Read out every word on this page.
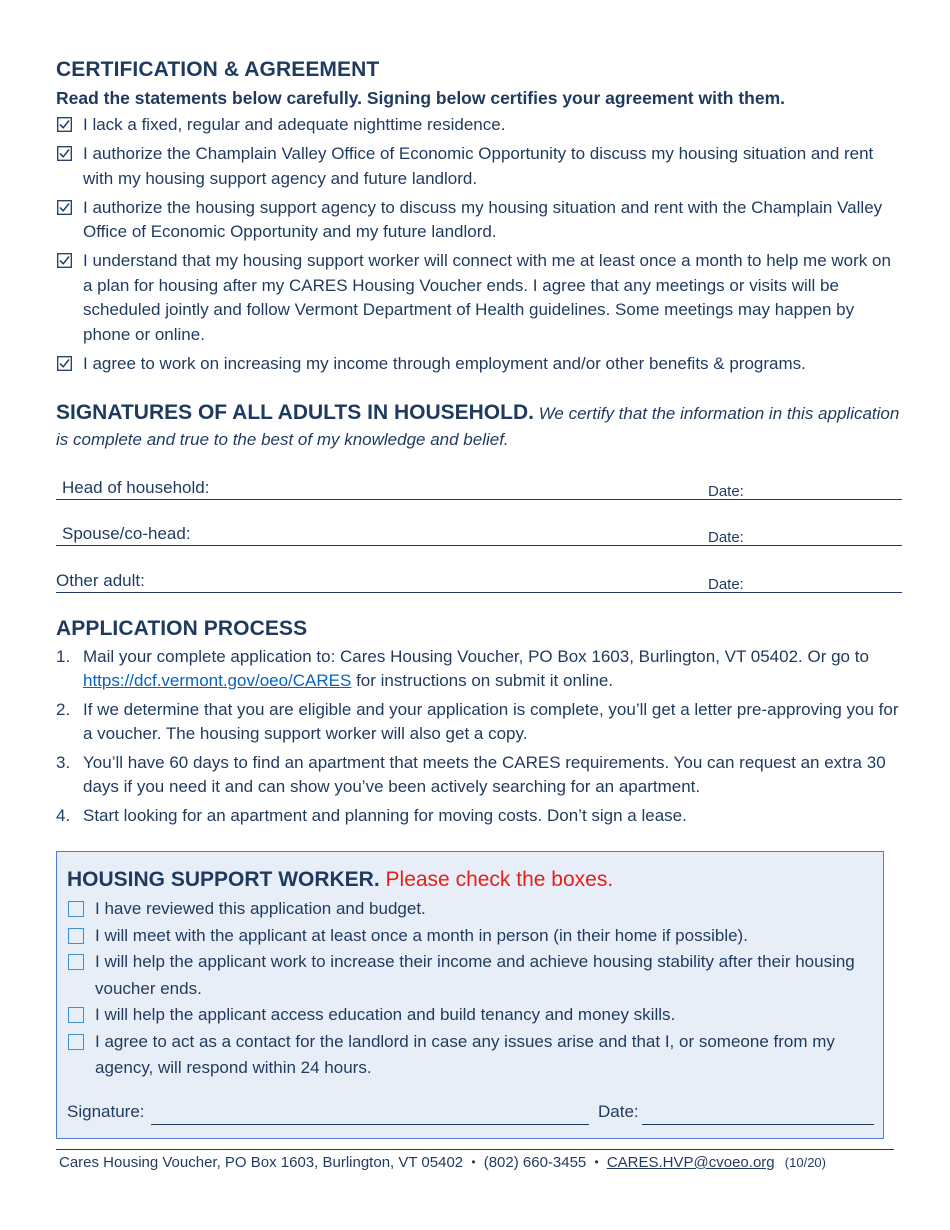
CERTIFICATION & AGREEMENT
Read the statements below carefully. Signing below certifies your agreement with them.
I lack a fixed, regular and adequate nighttime residence.
I authorize the Champlain Valley Office of Economic Opportunity to discuss my housing situation and rent with my housing support agency and future landlord.
I authorize the housing support agency to discuss my housing situation and rent with the Champlain Valley Office of Economic Opportunity and my future landlord.
I understand that my housing support worker will connect with me at least once a month to help me work on a plan for housing after my CARES Housing Voucher ends. I agree that any meetings or visits will be scheduled jointly and follow Vermont Department of Health guidelines. Some meetings may happen by phone or online.
I agree to work on increasing my income through employment and/or other benefits & programs.
SIGNATURES OF ALL ADULTS IN HOUSEHOLD. We certify that the information in this application is complete and true to the best of my knowledge and belief.
Head of household:	Date:
Spouse/co-head:	Date:
Other adult:	Date:
APPLICATION PROCESS
1. Mail your complete application to: Cares Housing Voucher, PO Box 1603, Burlington, VT 05402. Or go to https://dcf.vermont.gov/oeo/CARES for instructions on submit it online.
2. If we determine that you are eligible and your application is complete, you’ll get a letter pre-approving you for a voucher. The housing support worker will also get a copy.
3. You’ll have 60 days to find an apartment that meets the CARES requirements. You can request an extra 30 days if you need it and can show you’ve been actively searching for an apartment.
4. Start looking for an apartment and planning for moving costs. Don’t sign a lease.
HOUSING SUPPORT WORKER. Please check the boxes.
I have reviewed this application and budget.
I will meet with the applicant at least once a month in person (in their home if possible).
I will help the applicant work to increase their income and achieve housing stability after their housing voucher ends.
I will help the applicant access education and build tenancy and money skills.
I agree to act as a contact for the landlord in case any issues arise and that I, or someone from my agency, will respond within 24 hours.
Signature:	Date:
Cares Housing Voucher, PO Box 1603, Burlington, VT 05402 • (802) 660-3455 • CARES.HVP@cvoeo.org (10/20)
